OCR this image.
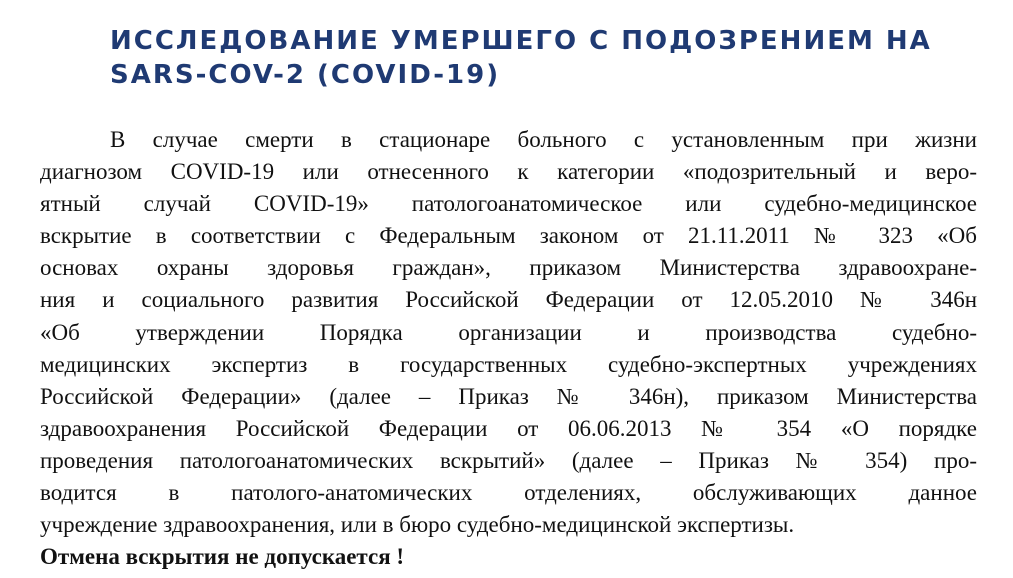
ИССЛЕДОВАНИЕ УМЕРШЕГО С ПОДОЗРЕНИЕМ НА
SARS-COV-2 (COVID-19)
В случае смерти в стационаре больного с установленным при жизни
диагнозом COVID-19 или отнесенного к категории «подозрительный и веро-
ятный случай COVID-19» патологоанатомическое или судебно-медицинское
вскрытие в соответствии с Федеральным законом от 21.11.2011 № 323 «Об
основах охраны здоровья граждан», приказом Министерства здравоохране-
ния и социального развития Российской Федерации от 12.05.2010 № 346н
«Об утверждении Порядка организации и производства судебно-
медицинских экспертиз в государственных судебно-экспертных учреждениях
Российской Федерации» (далее – Приказ № 346н), приказом Министерства
здравоохранения Российской Федерации от 06.06.2013 № 354 «О порядке
проведения патологоанатомических вскрытий» (далее – Приказ № 354) про-
водится в патолого-анатомических отделениях, обслуживающих данное
учреждение здравоохранения, или в бюро судебно-медицинской экспертизы.
Отмена вскрытия не допускается !
